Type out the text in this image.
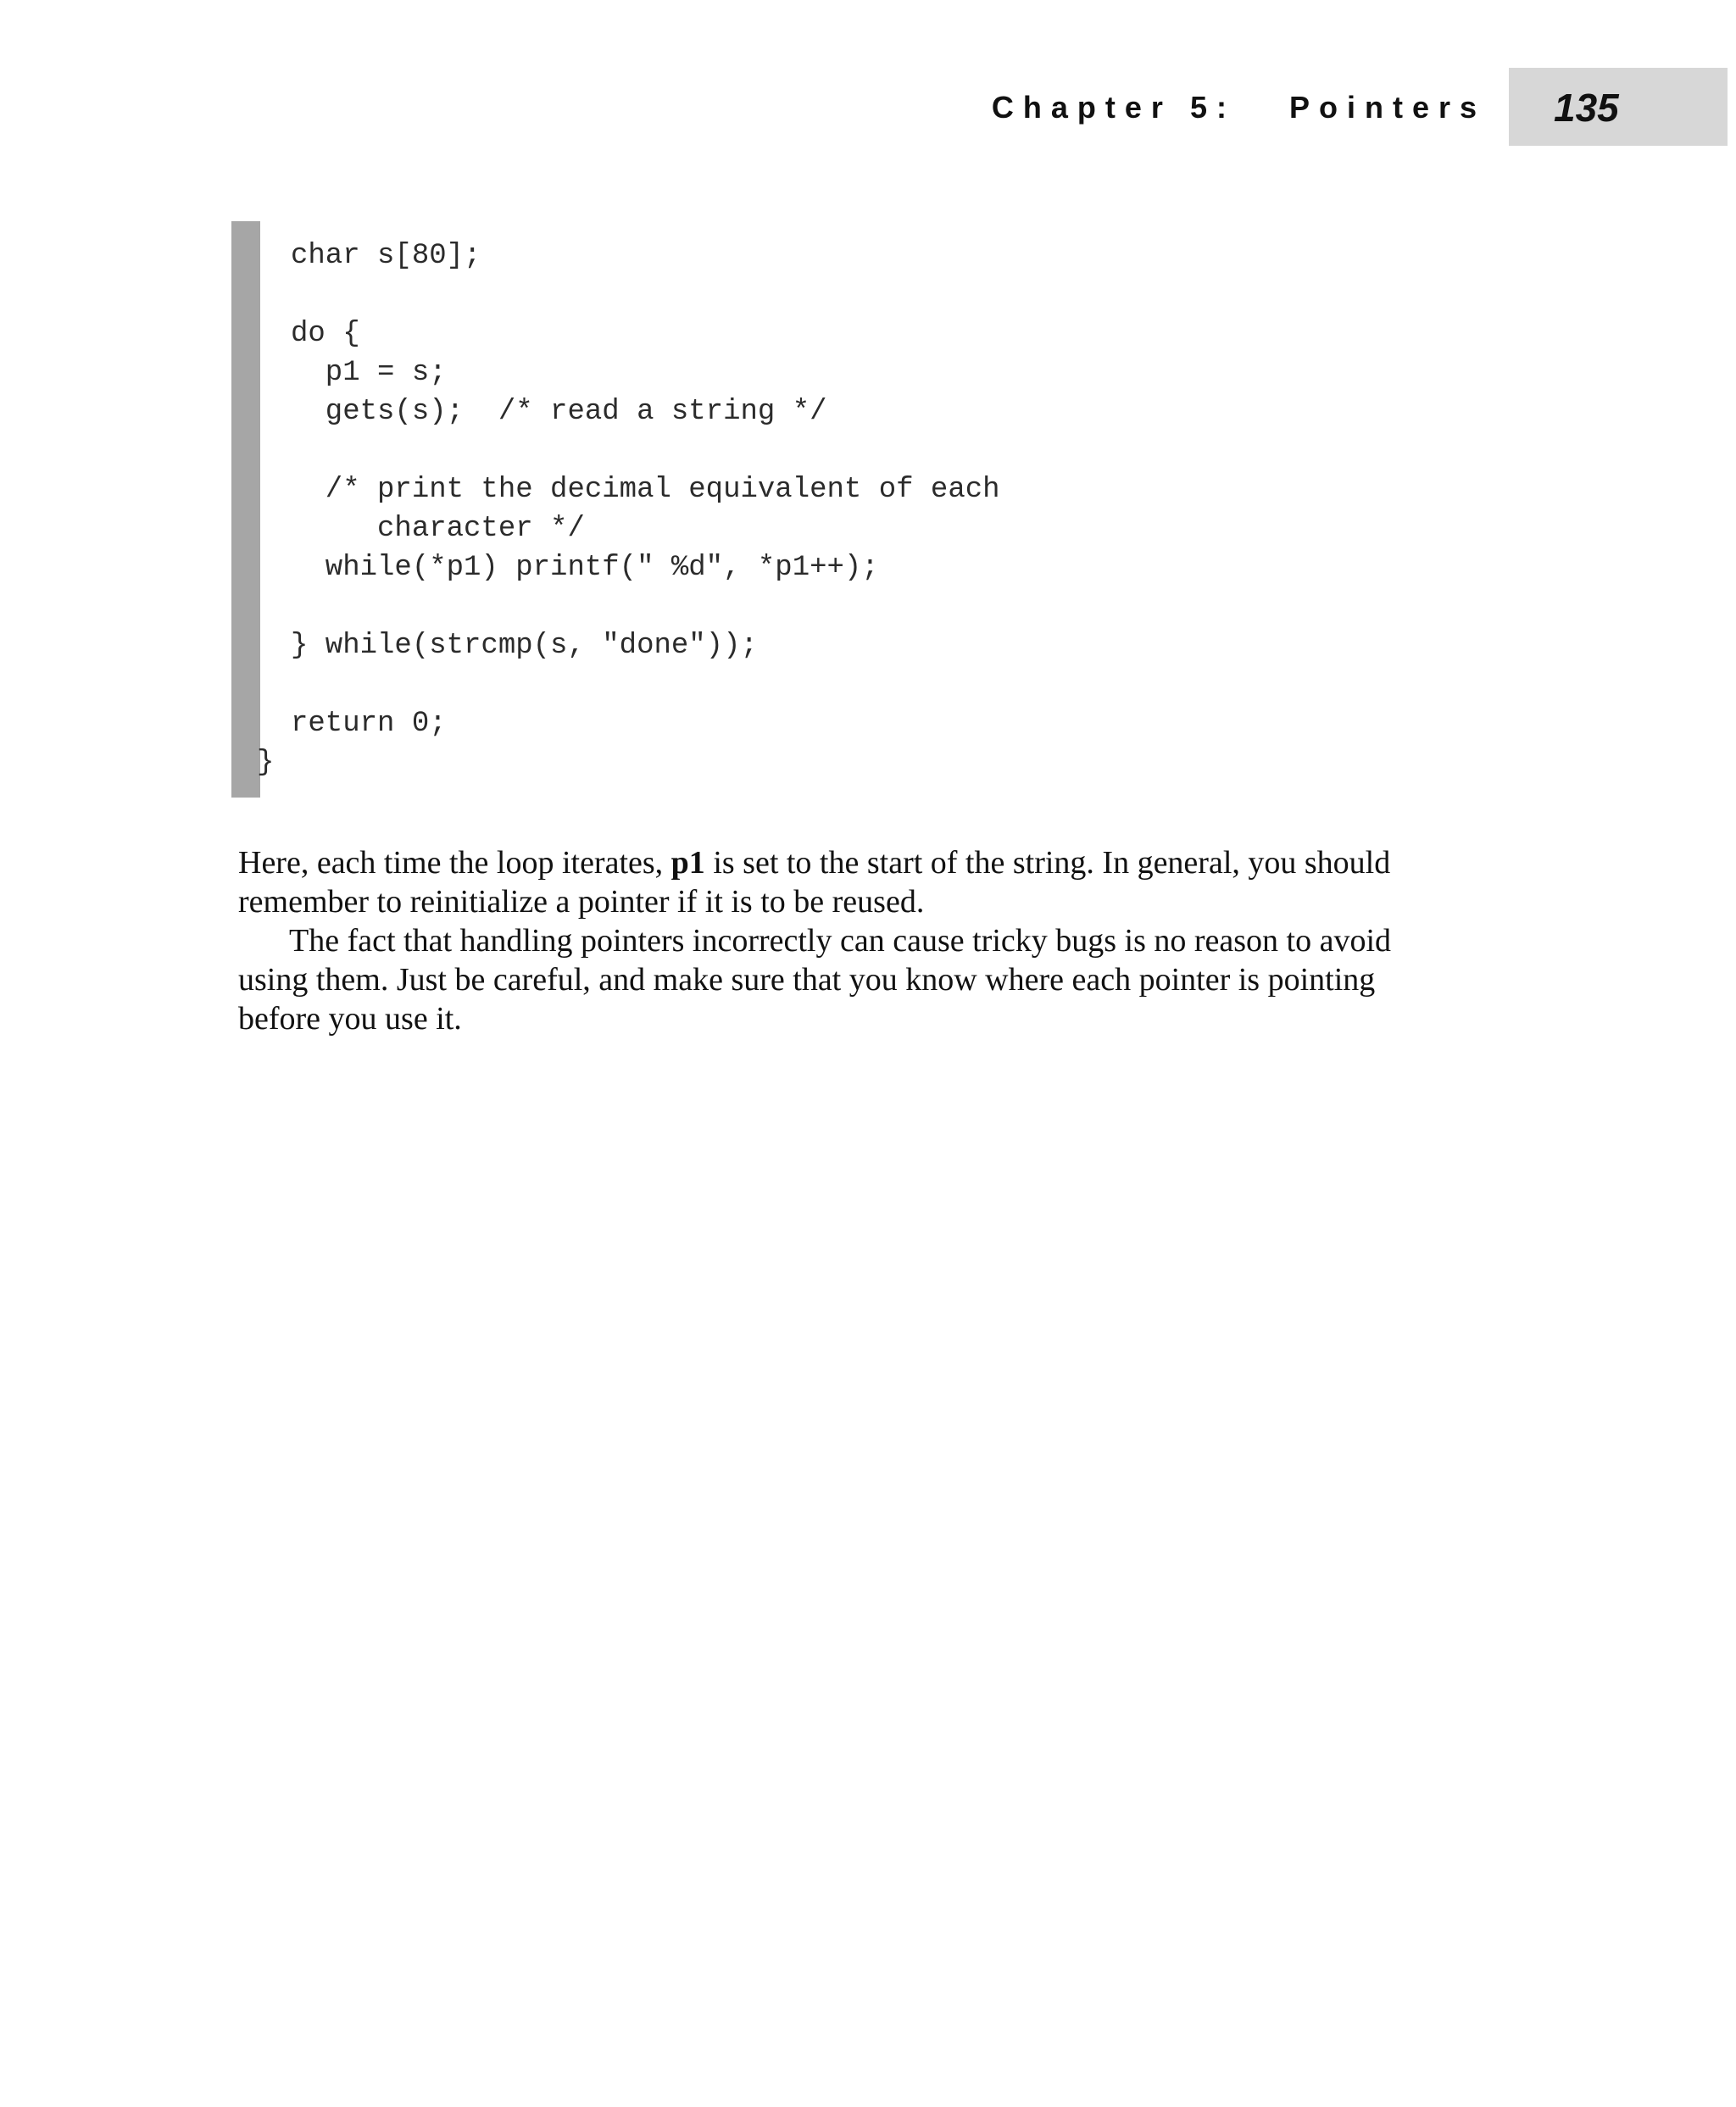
Chapter 5:   Pointers 135
char s[80];
do {
p1 = s;
gets(s);  /* read a string */
/* print the decimal equivalent of each
character */
while(*p1) printf(" %d", *p1++);
} while(strcmp(s, "done"));
return 0;
}

Here, each time the loop iterates, p1 is set to the start of the string. In general, you should remember to reinitialize a pointer if it is to be reused.

The fact that handling pointers incorrectly can cause tricky bugs is no reason to avoid using them. Just be careful, and make sure that you know where each pointer is pointing before you use it.
